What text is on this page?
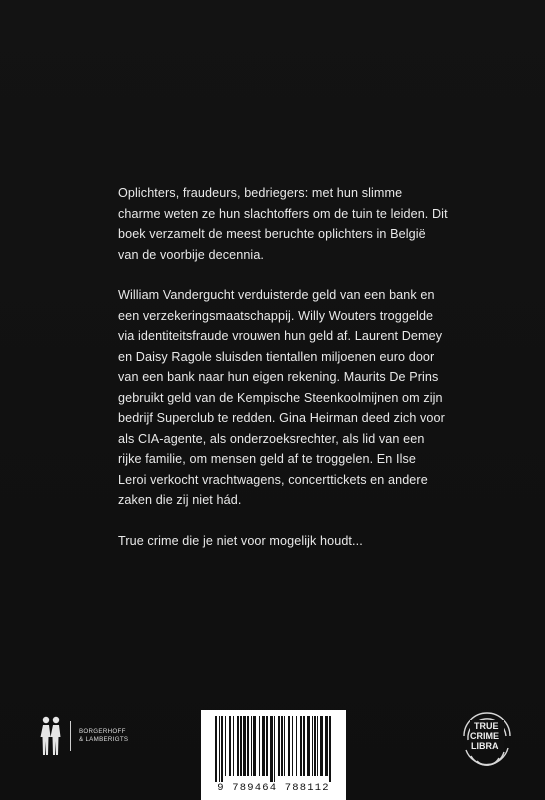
Oplichters, fraudeurs, bedriegers: met hun slimme charme weten ze hun slachtoffers om de tuin te leiden. Dit boek verzamelt de meest beruchte oplichters in België van de voorbije decennia.

William Vandergucht verduisterde geld van een bank en een verzekeringsmaatschappij. Willy Wouters troggelde via identiteitsfraude vrouwen hun geld af. Laurent Demey en Daisy Ragole sluisden tientallen miljoenen euro door van een bank naar hun eigen rekening. Maurits De Prins gebruikt geld van de Kempische Steenkoolmijnen om zijn bedrijf Superclub te redden. Gina Heirman deed zich voor als CIA-agente, als onderzoeksrechter, als lid van een rijke familie, om mensen geld af te troggelen. En Ilse Leroi verkocht vrachtwagens, concerttickets en andere zaken die zij niet hád.

True crime die je niet voor mogelijk houdt...

BORGERHOFF
& LAMBERIGTS
9 789464 788112
TRUE
CRIME
LIBRA
